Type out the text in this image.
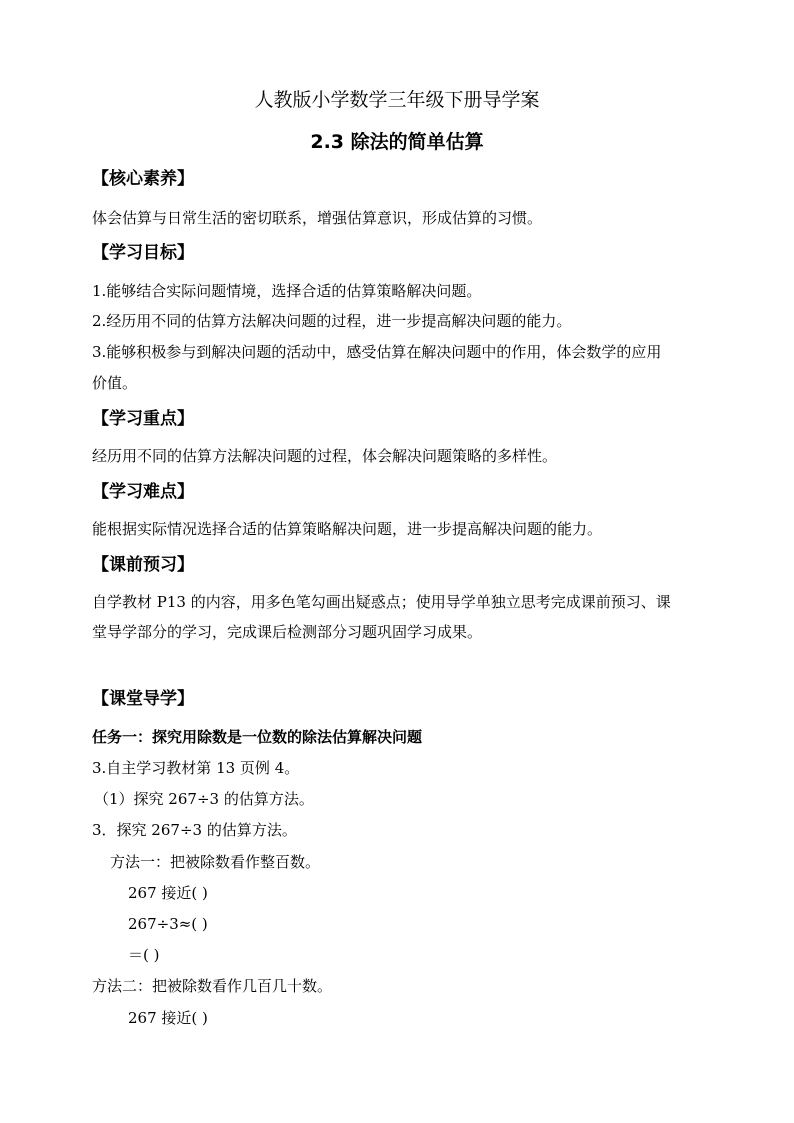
人教版小学数学三年级下册导学案
2.3 除法的简单估算
【核心素养】
体会估算与日常生活的密切联系，增强估算意识，形成估算的习惯。
【学习目标】
1.能够结合实际问题情境，选择合适的估算策略解决问题。
2.经历用不同的估算方法解决问题的过程，进一步提高解决问题的能力。
3.能够积极参与到解决问题的活动中，感受估算在解决问题中的作用，体会数学的应用
价值。
【学习重点】
经历用不同的估算方法解决问题的过程，体会解决问题策略的多样性。
【学习难点】
能根据实际情况选择合适的估算策略解决问题，进一步提高解决问题的能力。
【课前预习】
自学教材 P13 的内容，用多色笔勾画出疑惑点；使用导学单独立思考完成课前预习、课
堂导学部分的学习，完成课后检测部分习题巩固学习成果。
【课堂导学】
任务一：探究用除数是一位数的除法估算解决问题
3.自主学习教材第 13 页例 4。
（1）探究 267÷3 的估算方法。
3．探究 267÷3 的估算方法。
方法一：把被除数看作整百数。
267 接近( )
267÷3≈( )
＝( )
方法二：把被除数看作几百几十数。
267 接近( )
